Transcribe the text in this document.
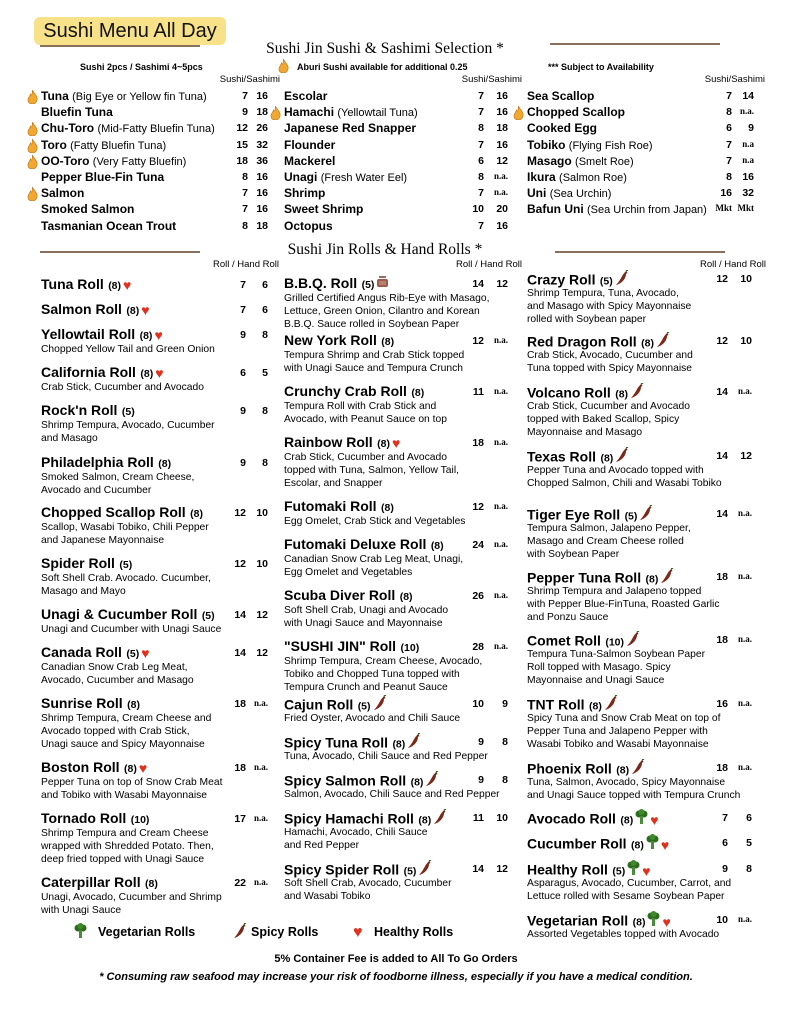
Sushi Menu All Day
Sushi Jin Sushi & Sashimi Selection *
Sushi 2pcs / Sashimi 4~5pcs	Aburi Sushi available for additional 0.25	*** Subject to Availability
Sushi/Sashimi
Tuna (Big Eye or Yellow fin Tuna)	7 16
Bluefin Tuna	9 18
Chu-Toro (Mid-Fatty Bluefin Tuna)	12 26
Toro (Fatty Bluefin Tuna)	15 32
OO-Toro (Very Fatty Bluefin)	18 36
Pepper Blue-Fin Tuna	8 16
Salmon	7 16
Smoked Salmon	7 16
Tasmanian Ocean Trout	8 18
Sushi/Sashimi
Escolar	7	16
Hamachi (Yellowtail Tuna)	7	16
Japanese Red Snapper	8	18
Flounder	7	16
Mackerel	6	12
Unagi (Fresh Water Eel)	8	n.a.
Shrimp	7	n.a.
Sweet Shrimp	10	20
Octopus	7	16
Sushi/Sashimi
Sea Scallop	7 14
Chopped Scallop	8 n.a.
Cooked Egg	6	9
Tobiko (Flying Fish Roe)	7	n.a
Masago (Smelt Roe)	7	n.a
Ikura (Salmon Roe)	8 16
Uni (Sea Urchin)	16 32
Bafun Uni (Sea Urchin from Japan) Mkt Mkt
Sushi Jin Rolls & Hand Rolls *
Roll / Hand Roll
Tuna Roll (8) ♥	7	6
Salmon Roll (8) ♥	7	6
Yellowtail Roll (8) ♥	9	8
Chopped Yellow Tail and Green Onion
California Roll (8) ♥	6	5
Crab Stick, Cucumber and Avocado
Rock'n Roll (5)	9	8
Shrimp Tempura, Avocado, Cucumber
and Masago
Philadelphia Roll (8)	9	8
Smoked Salmon, Cream Cheese,
Avocado and Cucumber
Chopped Scallop Roll (8)	12 10
Scallop, Wasabi Tobiko, Chili Pepper
and Japanese Mayonnaise
Spider Roll (5)	12 10
Soft Shell Crab. Avocado. Cucumber,
Masago and Mayo
Unagi & Cucumber Roll (5)	14 12
Unagi and Cucumber with Unagi Sauce
Canada Roll (5) ♥	14 12
Canadian Snow Crab Leg Meat,
Avocado, Cucumber and Masago
Sunrise Roll (8)	18 n.a.
Shrimp Tempura, Cream Cheese and
Avocado topped with Crab Stick,
Unagi sauce and Spicy Mayonnaise
Boston Roll (8) ♥	18 n.a.
Pepper Tuna on top of Snow Crab Meat
and Tobiko with Wasabi Mayonnaise
Tornado Roll (10)	17 n.a.
Shrimp Tempura and Cream Cheese
wrapped with Shredded Potato. Then,
deep fried topped with Unagi Sauce
Caterpillar Roll (8)	22 n.a.
Unagi, Avocado, Cucumber and Shrimp
with Unagi Sauce
Roll / Hand Roll
B.B.Q. Roll (5)	14	12
Grilled Certified Angus Rib-Eye with Masago,
Lettuce, Green Onion, Cilantro and Korean
B.B.Q. Sauce rolled in Soybean Paper
New York Roll (8)	12	n.a.
Tempura Shrimp and Crab Stick topped
with Unagi Sauce and Tempura Crunch
Crunchy Crab Roll (8)	11	n.a.
Tempura Roll with Crab Stick and
Avocado, with Peanut Sauce on top
Rainbow Roll (8) ♥	18	n.a.
Crab Stick, Cucumber and Avocado
topped with Tuna, Salmon, Yellow Tail,
Escolar, and Snapper
Futomaki Roll (8)	12	n.a.
Egg Omelet, Crab Stick and Vegetables
Futomaki Deluxe Roll (8)	24	n.a.
Canadian Snow Crab Leg Meat, Unagi,
Egg Omelet and Vegetables
Scuba Diver Roll (8)	26	n.a.
Soft Shell Crab, Unagi and Avocado
with Unagi Sauce and Mayonnaise
"SUSHI JIN" Roll (10)	28	n.a.
Shrimp Tempura, Cream Cheese, Avocado,
Tobiko and Chopped Tuna topped with
Tempura Crunch and Peanut Sauce
Cajun Roll (5)	10	9
Fried Oyster, Avocado and Chili Sauce
Spicy Tuna Roll (8)	9	8
Tuna, Avocado, Chili Sauce and Red Pepper
Spicy Salmon Roll (8)	9	8
Salmon, Avocado, Chili Sauce and Red Pepper
Spicy Hamachi Roll (8)	11	10
Hamachi, Avocado, Chili Sauce
and Red Pepper
Spicy Spider Roll (5)	14	12
Soft Shell Crab, Avocado, Cucumber
and Wasabi Tobiko
Roll / Hand Roll
Crazy Roll (5)	12	10
Shrimp Tempura, Tuna, Avocado,
and Masago with Spicy Mayonnaise
rolled with Soybean paper
Red Dragon Roll (8)	12	10
Crab Stick, Avocado, Cucumber and
Tuna topped with Spicy Mayonnaise
Volcano Roll (8)	14	n.a.
Crab Stick, Cucumber and Avocado
topped with Baked Scallop, Spicy
Mayonnaise and Masago
Texas Roll (8)	14	12
Pepper Tuna and Avocado topped with
Chopped Salmon, Chili and Wasabi Tobiko
Tiger Eye Roll (5)	14	n.a.
Tempura Salmon, Jalapeno Pepper,
Masago and Cream Cheese rolled
with Soybean Paper
Pepper Tuna Roll (8)	18	n.a.
Shrimp Tempura and Jalapeno topped
with Pepper Blue-FinTuna, Roasted Garlic
and Ponzu Sauce
Comet Roll (10)	18	n.a.
Tempura Tuna-Salmon Soybean Paper
Roll topped with Masago. Spicy
Mayonnaise and Unagi Sauce
TNT Roll (8)	16	n.a.
Spicy Tuna and Snow Crab Meat on top of
Pepper Tuna and Jalapeno Pepper with
Wasabi Tobiko and Wasabi Mayonnaise
Phoenix Roll (8)	18	n.a.
Tuna, Salmon, Avocado, Spicy Mayonnaise
and Unagi Sauce topped with Tempura Crunch
Avocado Roll (8) ♥	7	6
Cucumber Roll (8) ♥	6	5
Healthy Roll (5) ♥	9	8
Asparagus, Avocado, Cucumber, Carrot, and
Lettuce rolled with Sesame Soybean Paper
Vegetarian Roll (8) ♥	10	n.a.
Assorted Vegetables topped with Avocado
Vegetarian Rolls	Spicy Rolls ♥ Healthy Rolls
5% Container Fee is added to All To Go Orders
* Consuming raw seafood may increase your risk of foodborne illness, especially if you have a medical condition.
